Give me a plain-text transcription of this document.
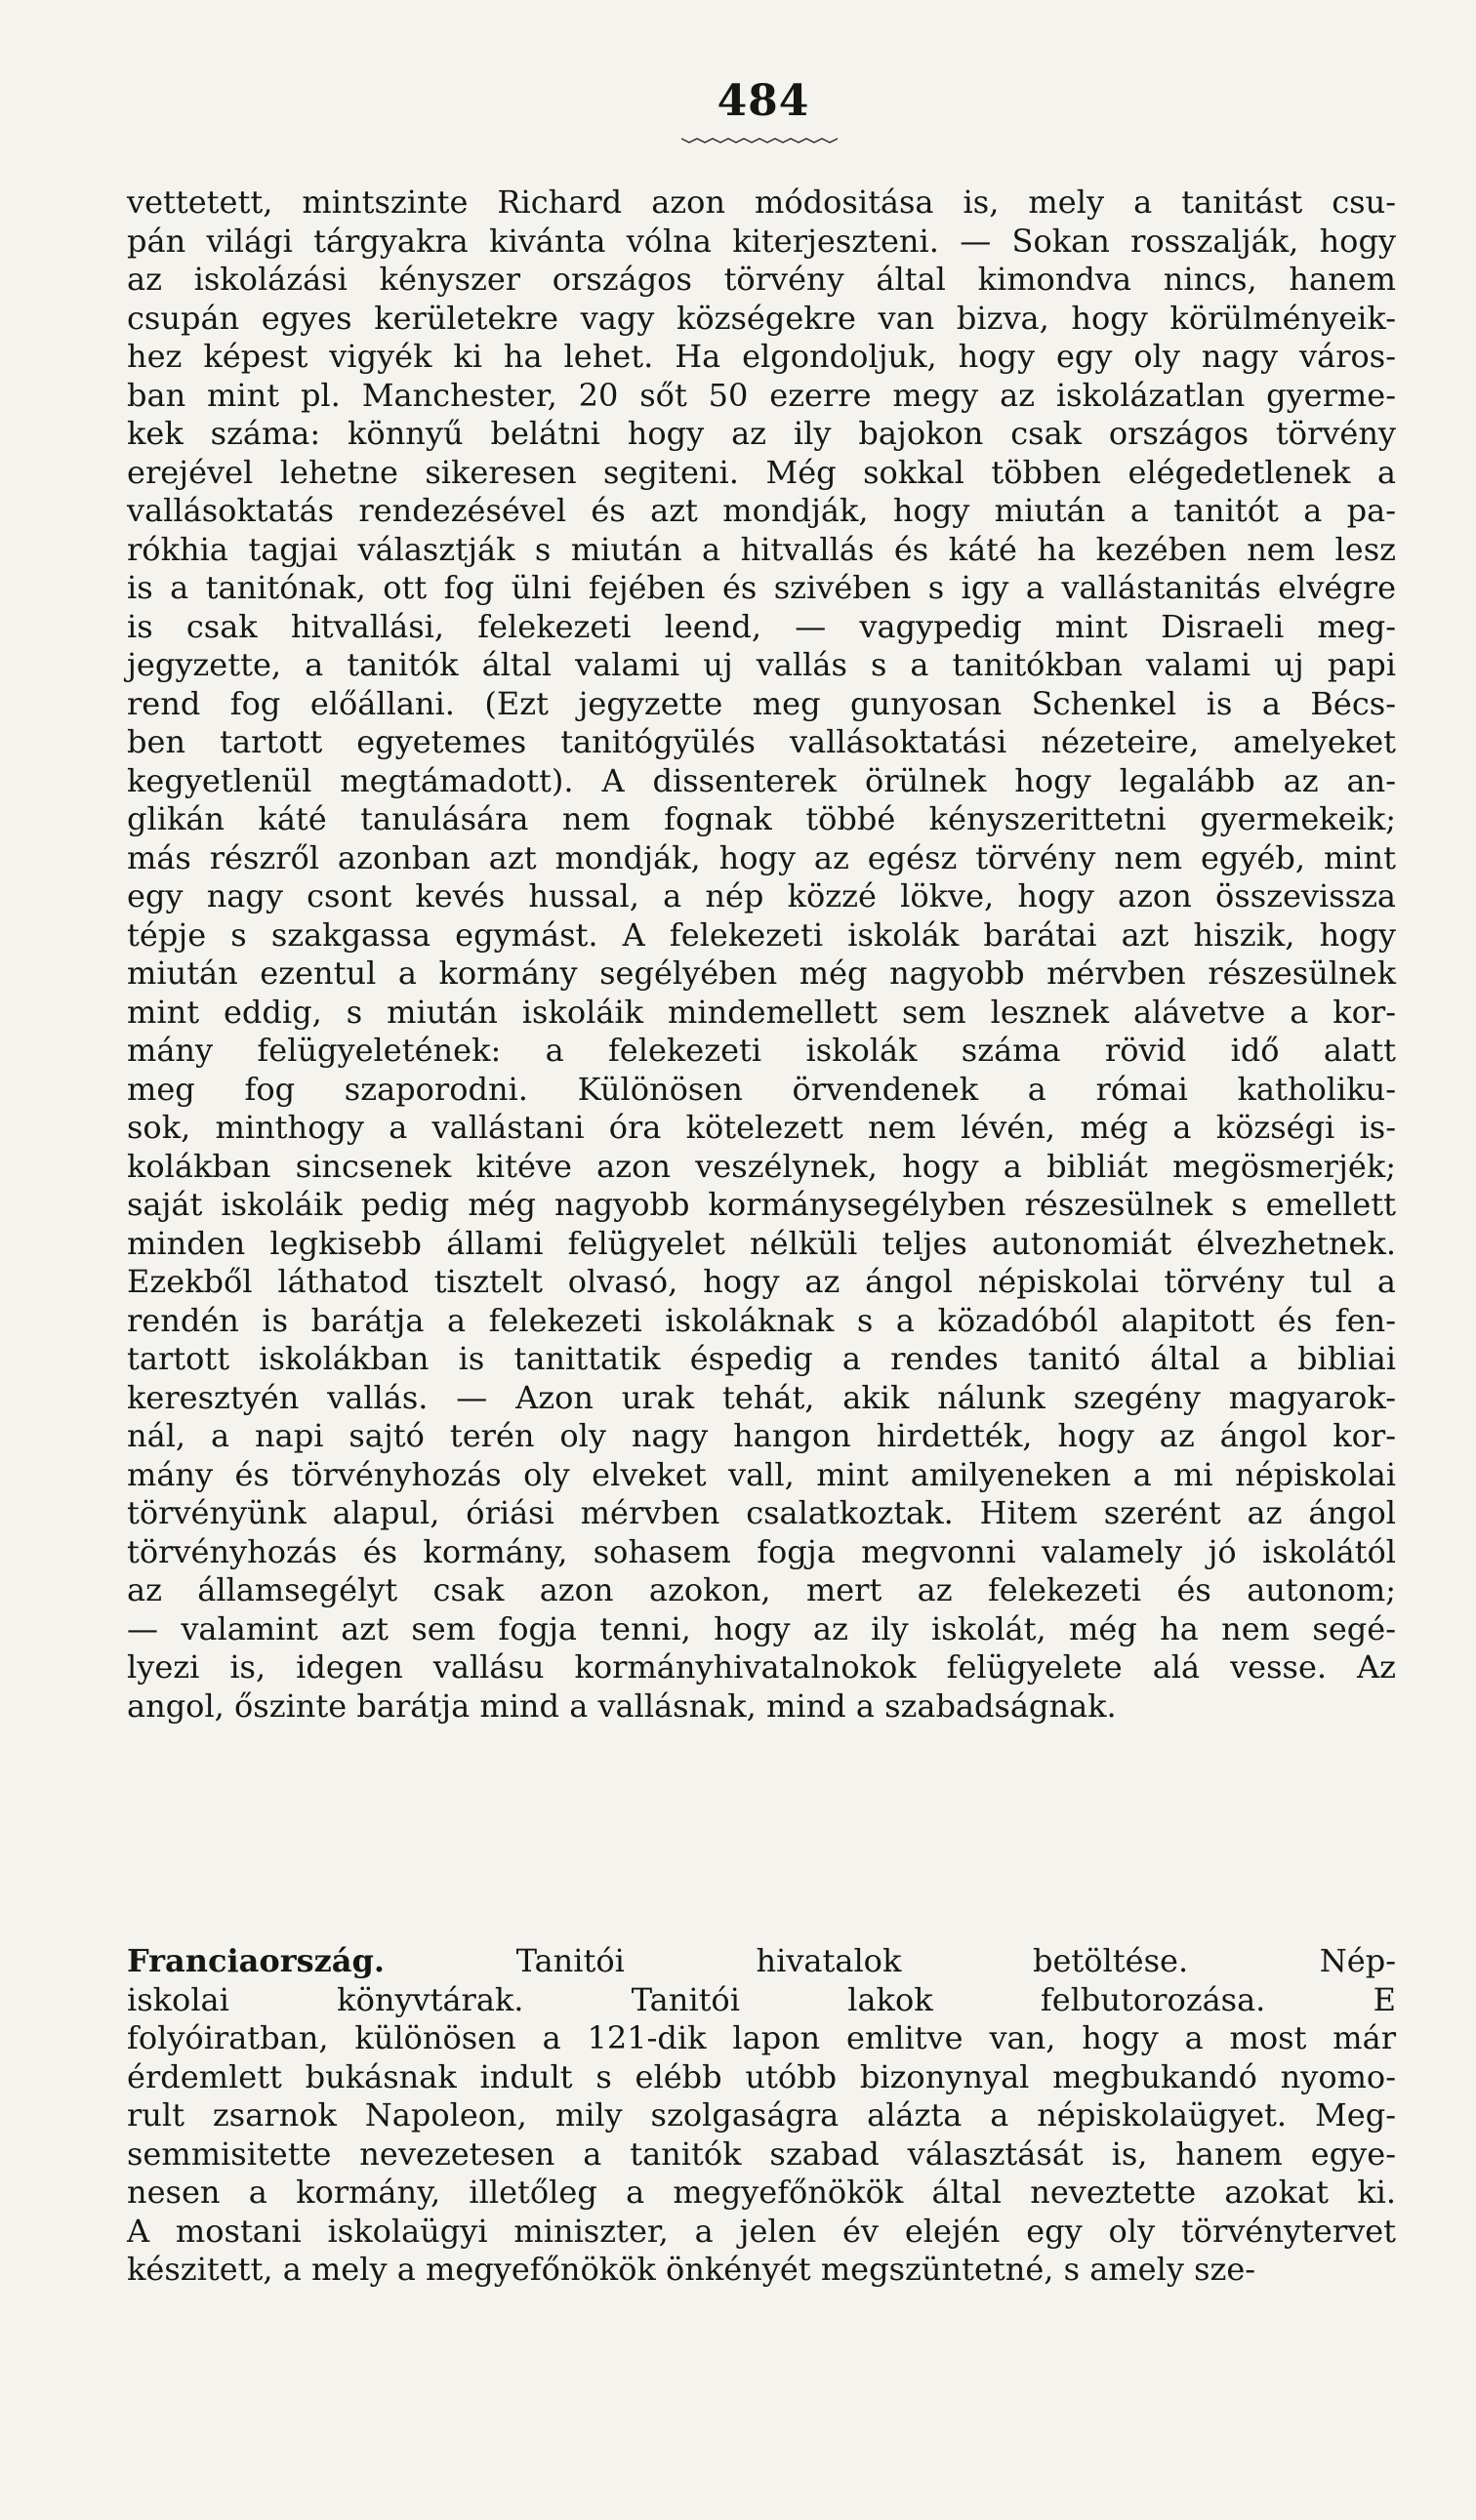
484
vettetett, mintszinte Richard azon módositása is, mely a tanitást csu-
pán világi tárgyakra kivánta vólna kiterjeszteni. — Sokan rosszalják, hogy
az iskolázási kényszer országos törvény által kimondva nincs, hanem
csupán egyes kerületekre vagy községekre van bizva, hogy körülményeik-
hez képest vigyék ki ha lehet. Ha elgondoljuk, hogy egy oly nagy város-
ban mint pl. Manchester, 20 sőt 50 ezerre megy az iskolázatlan gyerme-
kek száma: könnyű belátni hogy az ily bajokon csak országos törvény
erejével lehetne sikeresen segiteni. Még sokkal többen elégedetlenek a
vallásoktatás rendezésével és azt mondják, hogy miután a tanitót a pa-
rókhia tagjai választják s miután a hitvallás és káté ha kezében nem lesz
is a tanitónak, ott fog ülni fejében és szivében s igy a vallástanitás elvégre
is csak hitvallási, felekezeti leend, — vagypedig mint Disraeli meg-
jegyzette, a tanitók által valami uj vallás s a tanitókban valami uj papi
rend fog előállani. (Ezt jegyzette meg gunyosan Schenkel is a Bécs-
ben tartott egyetemes tanitógyülés vallásoktatási nézeteire, amelyeket
kegyetlenül megtámadott). A dissenterek örülnek hogy legalább az an-
glikán káté tanulására nem fognak többé kényszerittetni gyermekeik;
más részről azonban azt mondják, hogy az egész törvény nem egyéb, mint
egy nagy csont kevés hussal, a nép közzé lökve, hogy azon összevissza
tépje s szakgassa egymást. A felekezeti iskolák barátai azt hiszik, hogy
miután ezentul a kormány segélyében még nagyobb mérvben részesülnek
mint eddig, s miután iskoláik mindemellett sem lesznek alávetve a kor-
mány felügyeletének: a felekezeti iskolák száma rövid idő alatt
meg fog szaporodni. Különösen örvendenek a római katholiku-
sok, minthogy a vallástani óra kötelezett nem lévén, még a községi is-
kolákban sincsenek kitéve azon veszélynek, hogy a bibliát megösmerjék;
saját iskoláik pedig még nagyobb kormánysegélyben részesülnek s emellett
minden legkisebb állami felügyelet nélküli teljes autonomiát élvezhetnek.
Ezekből láthatod tisztelt olvasó, hogy az ángol népiskolai törvény tul a
rendén is barátja a felekezeti iskoláknak s a közadóból alapitott és fen-
tartott iskolákban is tanittatik éspedig a rendes tanitó által a bibliai
keresztyén vallás. — Azon urak tehát, akik nálunk szegény magyarok-
nál, a napi sajtó terén oly nagy hangon hirdették, hogy az ángol kor-
mány és törvényhozás oly elveket vall, mint amilyeneken a mi népiskolai
törvényünk alapul, óriási mérvben csalatkoztak. Hitem szerént az ángol
törvényhozás és kormány, sohasem fogja megvonni valamely jó iskolától
az államsegélyt csak azon azokon, mert az felekezeti és autonom;
— valamint azt sem fogja tenni, hogy az ily iskolát, még ha nem segé-
lyezi is, idegen vallásu kormányhivatalnokok felügyelete alá vesse. Az
angol, őszinte barátja mind a vallásnak, mind a szabadságnak.
Franciaország.	Tanitói hivatalok betöltése. Nép-
iskolai könyvtárak. Tanitói lakok felbutorozása. E
folyóiratban, különösen a 121-dik lapon emlitve van, hogy a most már
érdemlett bukásnak indult s elébb utóbb bizonynyal megbukandó nyomo-
rult zsarnok Napoleon, mily szolgaságra alázta a népiskolaügyet. Meg-
semmisitette nevezetesen a tanitók szabad választását is, hanem egye-
nesen a kormány, illetőleg a megyefőnökök által neveztette azokat ki.
A mostani iskolaügyi miniszter, a jelen év elején egy oly törvénytervet
készitett, a mely a megyefőnökök önkényét megszüntetné, s amely sze-
